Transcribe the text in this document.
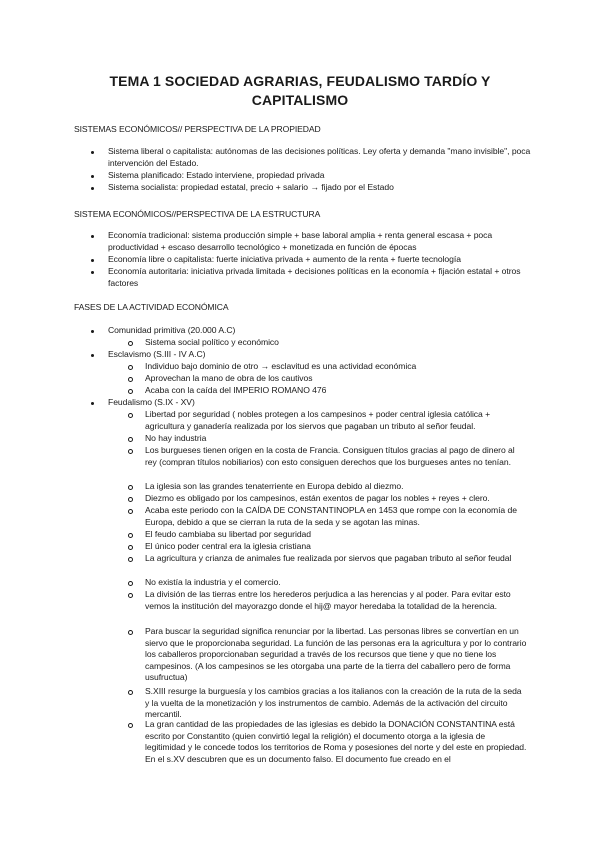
TEMA 1 SOCIEDAD AGRARIAS, FEUDALISMO TARDÍO Y CAPITALISMO
SISTEMAS ECONÓMICOS// PERSPECTIVA DE LA PROPIEDAD
Sistema liberal o capitalista: autónomas de las decisiones políticas. Ley oferta y demanda "mano invisible", poca intervención del Estado.
Sistema planificado: Estado interviene, propiedad privada
Sistema socialista: propiedad estatal, precio + salario → fijado por el Estado
SISTEMA ECONÓMICOS//PERSPECTIVA DE LA ESTRUCTURA
Economía tradicional: sistema producción simple + base laboral amplia + renta general escasa + poca productividad + escaso desarrollo tecnológico + monetizada en función de épocas
Economía libre o capitalista: fuerte iniciativa privada + aumento de la renta + fuerte tecnología
Economía autoritaria: iniciativa privada limitada + decisiones políticas en la economía + fijación estatal + otros factores
FASES DE LA ACTIVIDAD ECONÓMICA
Comunidad primitiva (20.000 A.C)
Sistema social político y económico
Esclavismo (S.III - IV A.C)
Individuo bajo dominio de otro → esclavitud es una actividad económica
Aprovechan la mano de obra de los cautivos
Acaba con la caída del IMPERIO ROMANO 476
Feudalismo (S.IX - XV)
Libertad por seguridad ( nobles protegen a los campesinos + poder central iglesia católica + agricultura y ganadería realizada por los siervos que pagaban un tributo al señor feudal.
No hay industria
Los burgueses tienen origen en la costa de Francia. Consiguen títulos gracias al pago de dinero al rey (compran títulos nobiliarios) con esto consiguen derechos que los burgueses antes no tenían.
La iglesia son las grandes tenaterriente en Europa debido al diezmo.
Diezmo es obligado por los campesinos, están exentos de pagar los nobles + reyes + clero.
Acaba este periodo con la CAÍDA DE CONSTANTINOPLA en 1453 que rompe con la economía de Europa, debido a que se cierran la ruta de la seda y se agotan las minas.
El feudo cambiaba su libertad por seguridad
El único poder central era la iglesia cristiana
La agricultura y crianza de animales fue realizada por siervos que pagaban tributo al señor feudal
No existía la industria y el comercio.
La división de las tierras entre los herederos perjudica a las herencias y al poder. Para evitar esto vemos la institución del mayorazgo donde el hij@ mayor heredaba la totalidad de la herencia.
Para buscar la seguridad significa renunciar por la libertad. Las personas libres se convertían en un siervo que le proporcionaba seguridad. La función de las personas era la agricultura y por lo contrario los caballeros proporcionaban seguridad a través de los recursos que tiene y que no tiene los campesinos. (A los campesinos se les otorgaba una parte de la tierra del caballero pero de forma usufructua)
S.XIII resurge la burguesía y los cambios gracias a los italianos con la creación de la ruta de la seda y la vuelta de la monetización y los instrumentos de cambio. Además de la activación del circuito mercantil.
La gran cantidad de las propiedades de las iglesias es debido la DONACIÓN CONSTANTINA está escrito por Constantito (quien convirtió legal la religión) el documento otorga a la iglesia de legitimidad y le concede todos los territorios de Roma y posesiones del norte y del este en propiedad. En el s.XV descubren que es un documento falso. El documento fue creado en el
